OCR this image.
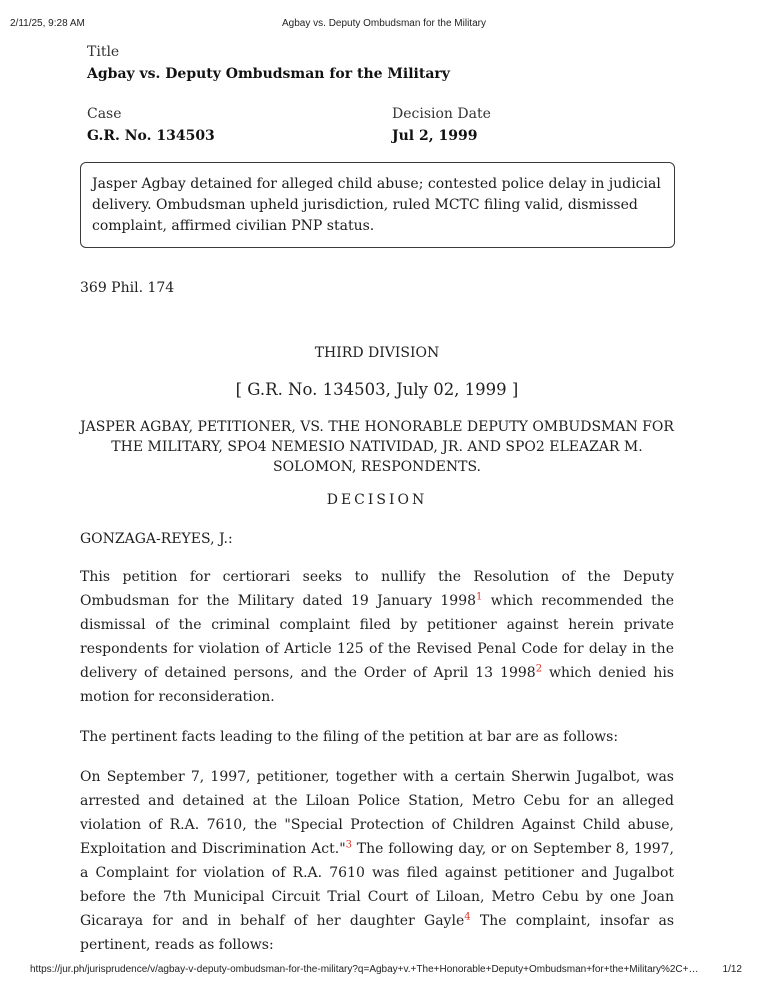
2/11/25, 9:28 AM	Agbay vs. Deputy Ombudsman for the Military
Title
Agbay vs. Deputy Ombudsman for the Military
Case
G.R. No. 134503
Decision Date
Jul 2, 1999
Jasper Agbay detained for alleged child abuse; contested police delay in judicial delivery. Ombudsman upheld jurisdiction, ruled MCTC filing valid, dismissed complaint, affirmed civilian PNP status.

369 Phil. 174

THIRD DIVISION
[ G.R. No. 134503, July 02, 1999 ]
JASPER AGBAY, PETITIONER, VS. THE HONORABLE DEPUTY OMBUDSMAN FOR THE MILITARY, SPO4 NEMESIO NATIVIDAD, JR. AND SPO2 ELEAZAR M. SOLOMON, RESPONDENTS.
DECISION
GONZAGA-REYES, J.:
This petition for certiorari seeks to nullify the Resolution of the Deputy Ombudsman for the Military dated 19 January 1998$^1$ which recommended the dismissal of the criminal complaint filed by petitioner against herein private respondents for violation of Article 125 of the Revised Penal Code for delay in the delivery of detained persons, and the Order of April 13 1998$^2$ which denied his motion for reconsideration.
The pertinent facts leading to the filing of the petition at bar are as follows:
On September 7, 1997, petitioner, together with a certain Sherwin Jugalbot, was arrested and detained at the Liloan Police Station, Metro Cebu for an alleged violation of R.A. 7610, the "Special Protection of Children Against Child abuse, Exploitation and Discrimination Act."$^3$ The following day, or on September 8, 1997, a Complaint for violation of R.A. 7610 was filed against petitioner and Jugalbot before the 7th Municipal Circuit Trial Court of Liloan, Metro Cebu by one Joan Gicaraya for and in behalf of her daughter Gayle$^4$ The complaint, insofar as pertinent, reads as follows:
https://jur.ph/jurisprudence/v/agbay-v-deputy-ombudsman-for-the-military?q=Agbay+v.+The+Honorable+Deputy+Ombudsman+for+the+Military%2C+…	1/12
